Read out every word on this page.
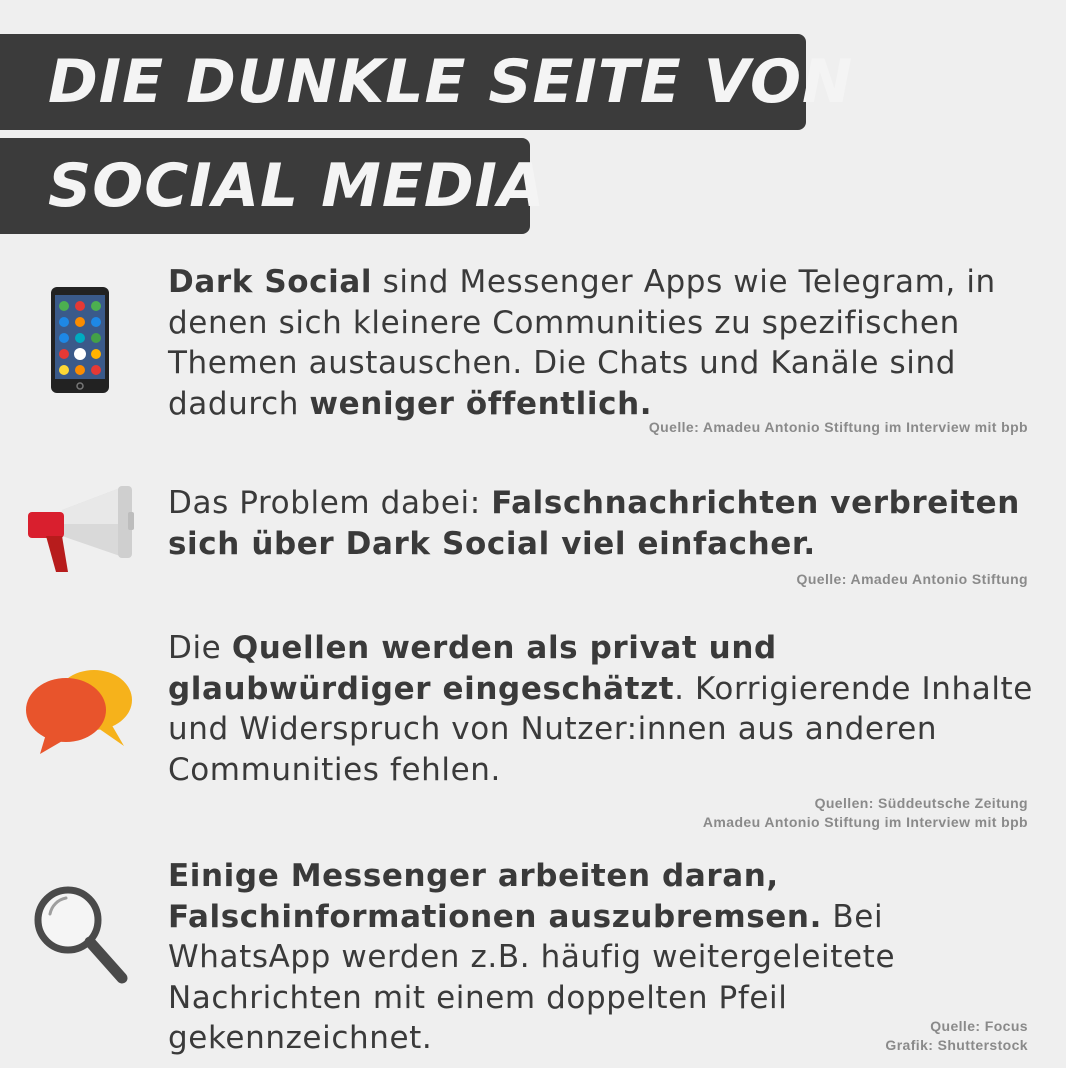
DIE DUNKLE SEITE VON
SOCIAL MEDIA
Dark Social sind Messenger Apps wie Telegram, in denen sich kleinere Communities zu spezifischen Themen austauschen. Die Chats und Kanäle sind dadurch weniger öffentlich.
Quelle: Amadeu Antonio Stiftung im Interview mit bpb
Das Problem dabei: Falschnachrichten verbreiten sich über Dark Social viel einfacher.
Quelle: Amadeu Antonio Stiftung
Die Quellen werden als privat und glaubwürdiger eingeschätzt. Korrigierende Inhalte und Widerspruch von Nutzer:innen aus anderen Communities fehlen.
Quellen: Süddeutsche Zeitung
Amadeu Antonio Stiftung im Interview mit bpb
Einige Messenger arbeiten daran, Falschinformationen auszubremsen. Bei WhatsApp werden z.B. häufig weitergeleitete Nachrichten mit einem doppelten Pfeil gekennzeichnet.	Quelle: Focus
Grafik: Shutterstock
